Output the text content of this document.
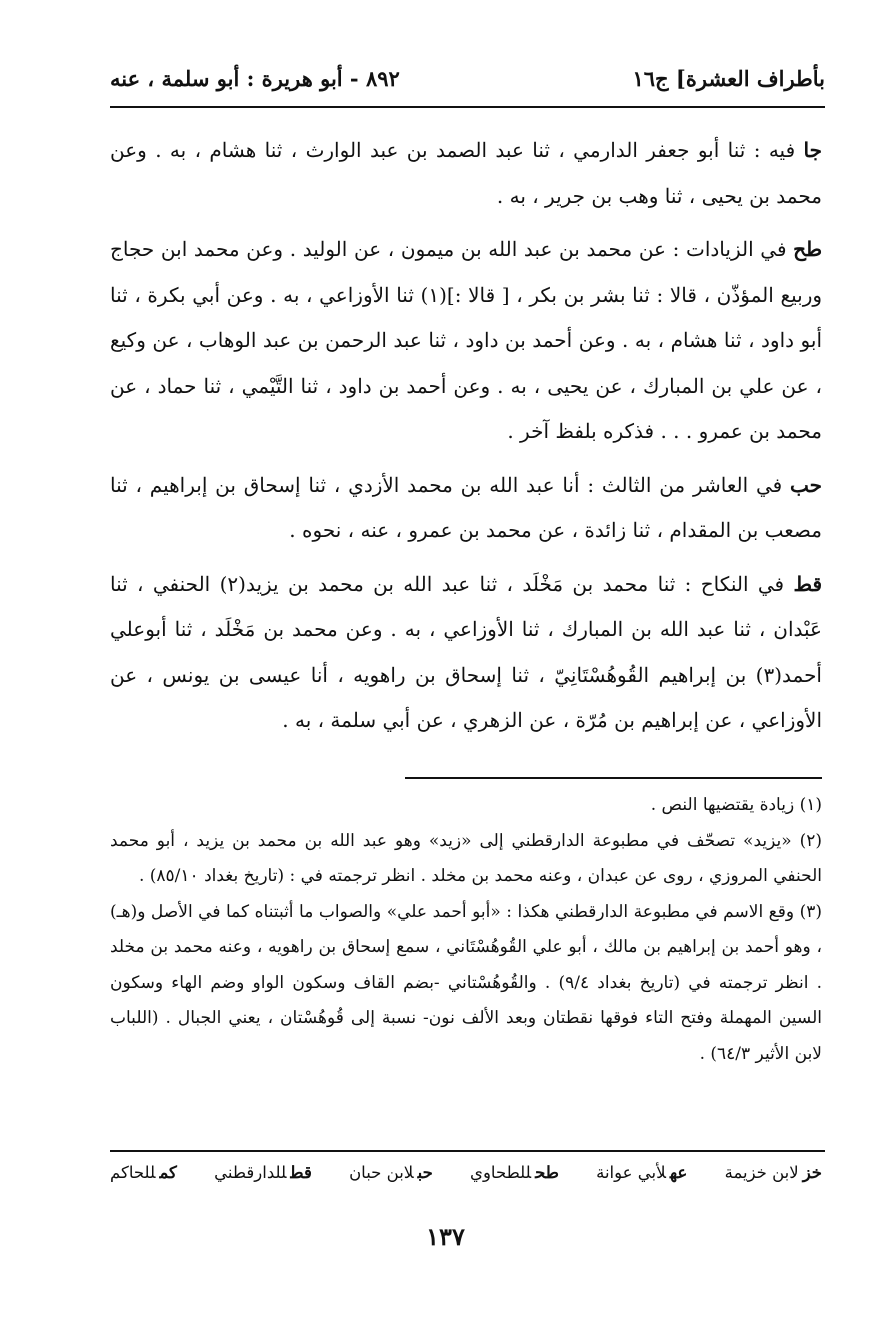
بأطراف العشرة] ج١٦
٨٩٢ - أبو هريرة : أبو سلمة ، عنه

جا فيه : ثنا أبو جعفر الدارمي ، ثنا عبد الصمد بن عبد الوارث ، ثنا هشام ، به . وعن محمد بن يحيى ، ثنا وهب بن جرير ، به .

طح في الزيادات : عن محمد بن عبد الله بن ميمون ، عن الوليد . وعن محمد ابن حجاج وربيع المؤذّن ، قالا : ثنا بشر بن بكر ، [ قالا :](١) ثنا الأوزاعي ، به . وعن أبي بكرة ، ثنا أبو داود ، ثنا هشام ، به . وعن أحمد بن داود ، ثنا عبد الرحمن بن عبد الوهاب ، عن وكيع ، عن علي بن المبارك ، عن يحيى ، به . وعن أحمد بن داود ، ثنا التَّيْمي ، ثنا حماد ، عن محمد بن عمرو . . . فذكره بلفظ آخر .

حب في العاشر من الثالث : أنا عبد الله بن محمد الأزدي ، ثنا إسحاق بن إبراهيم ، ثنا مصعب بن المقدام ، ثنا زائدة ، عن محمد بن عمرو ، عنه ، نحوه .

قط في النكاح : ثنا محمد بن مَخْلَد ، ثنا عبد الله بن محمد بن يزيد(٢) الحنفي ، ثنا عَبْدان ، ثنا عبد الله بن المبارك ، ثنا الأوزاعي ، به . وعن محمد بن مَخْلَد ، ثنا أبوعلي أحمد(٣) بن إبراهيم القُوهُسْتَانِيّ ، ثنا إسحاق بن راهويه ، أنا عيسى بن يونس ، عن الأوزاعي ، عن إبراهيم بن مُرّة ، عن الزهري ، عن أبي سلمة ، به .

(١) زيادة يقتضيها النص .

(٢) «يزيد» تصحّف في مطبوعة الدارقطني إلى «زيد» وهو عبد الله بن محمد بن يزيد ، أبو محمد الحنفي المروزي ، روى عن عبدان ، وعنه محمد بن مخلد . انظر ترجمته في : (تاريخ بغداد ٨٥/١٠) .

(٣) وقع الاسم في مطبوعة الدارقطني هكذا : «أبو أحمد علي» والصواب ما أثبتناه كما في الأصل و(هـ) ، وهو أحمد بن إبراهيم بن مالك ، أبو علي القُوهُسْتَاني ، سمع إسحاق بن راهويه ، وعنه محمد بن مخلد . انظر ترجمته في (تاريخ بغداد ٩/٤) . والقُوهُسْتاني -بضم القاف وسكون الواو وضم الهاء وسكون السين المهملة وفتح التاء فوقها نقطتان وبعد الألف نون- نسبة إلى قُوهُسْتان ، يعني الجبال . (اللباب لابن الأثير ٦٤/٣) .

خزلابن خزيمة
عهلأبي عوانة
طحللطحاوي
حبلابن حبان
قطللدارقطني
كمللحاكم
١٣٧
